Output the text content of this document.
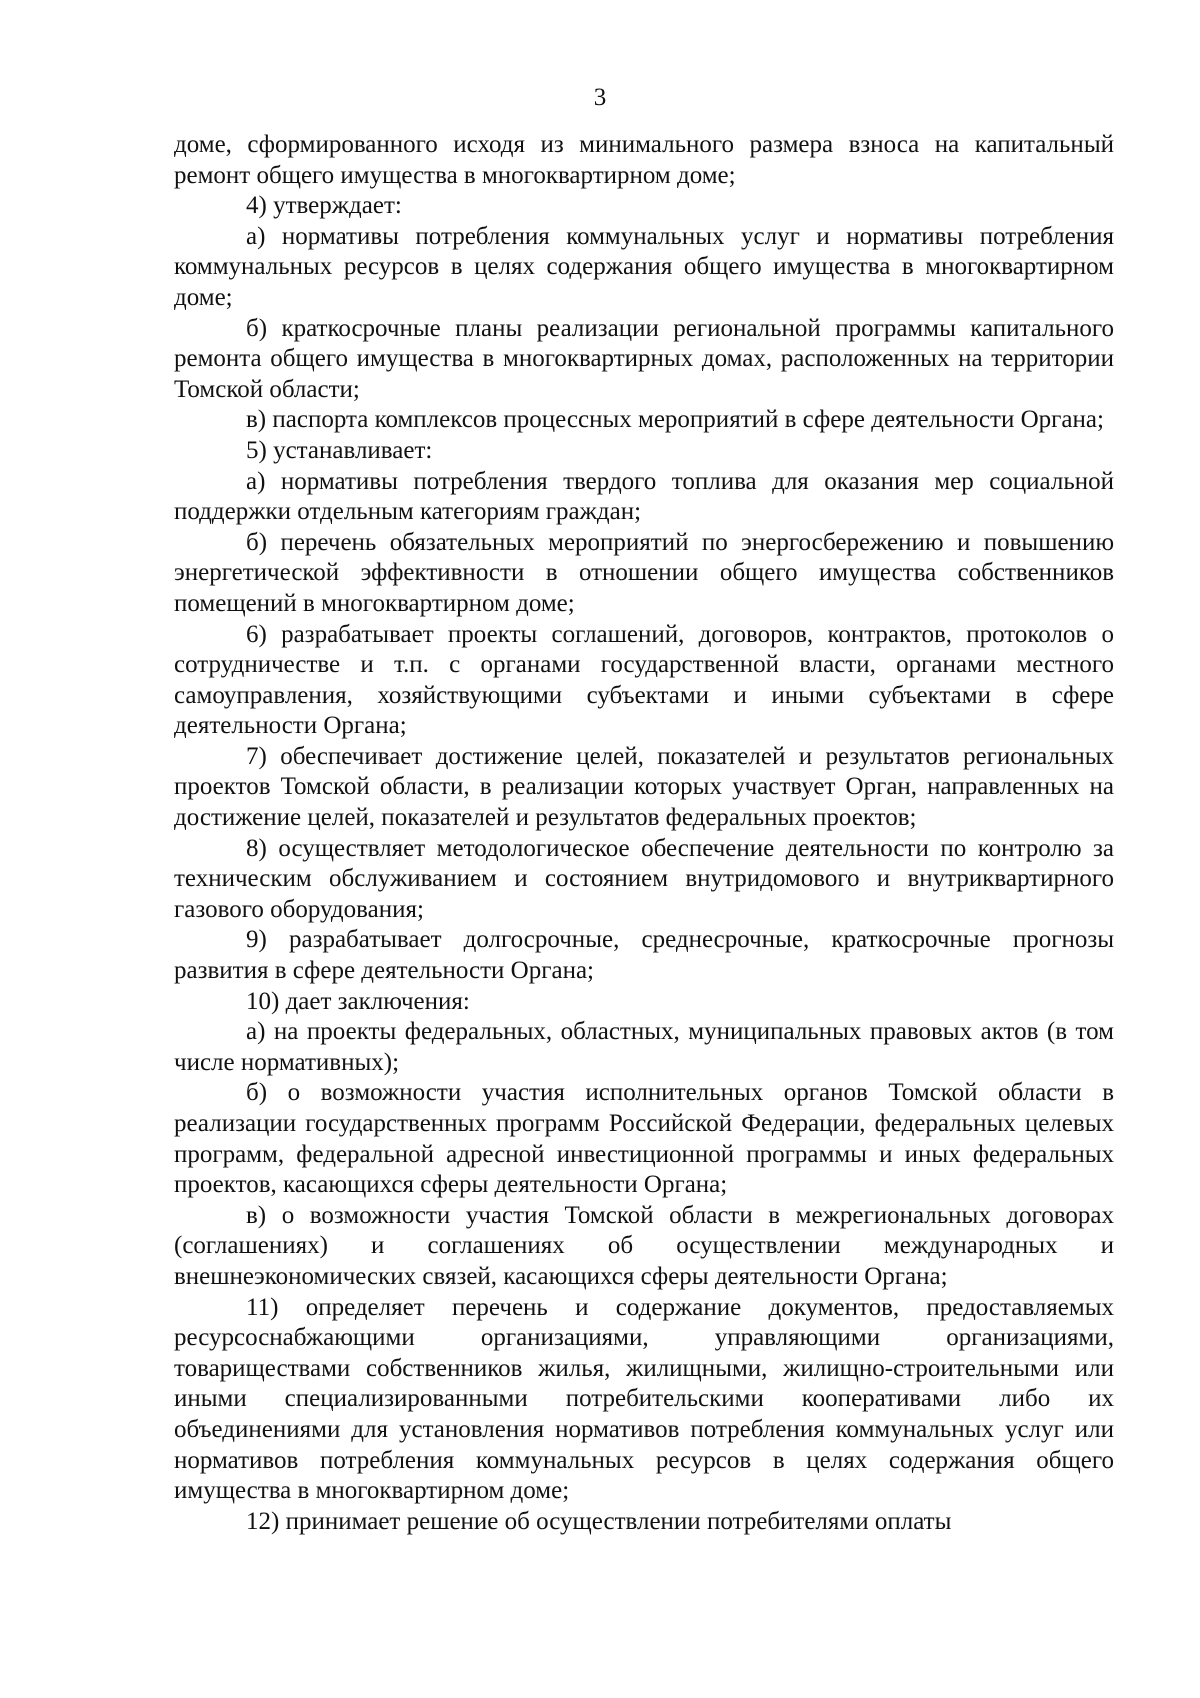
3

доме, сформированного исходя из минимального размера взноса на капитальный ремонт общего имущества в многоквартирном доме;

4) утверждает:

а) нормативы потребления коммунальных услуг и нормативы потребления коммунальных ресурсов в целях содержания общего имущества в многоквартирном доме;

б) краткосрочные планы реализации региональной программы капитального ремонта общего имущества в многоквартирных домах, расположенных на территории Томской области;

в) паспорта комплексов процессных мероприятий в сфере деятельности Органа;

5) устанавливает:

а) нормативы потребления твердого топлива для оказания мер социальной поддержки отдельным категориям граждан;

б) перечень обязательных мероприятий по энергосбережению и повышению энергетической эффективности в отношении общего имущества собственников помещений в многоквартирном доме;

6) разрабатывает проекты соглашений, договоров, контрактов, протоколов о сотрудничестве и т.п. с органами государственной власти, органами местного самоуправления, хозяйствующими субъектами и иными субъектами в сфере деятельности Органа;

7) обеспечивает достижение целей, показателей и результатов региональных проектов Томской области, в реализации которых участвует Орган, направленных на достижение целей, показателей и результатов федеральных проектов;

8) осуществляет методологическое обеспечение деятельности по контролю за техническим обслуживанием и состоянием внутридомового и внутриквартирного газового оборудования;

9) разрабатывает долгосрочные, среднесрочные, краткосрочные прогнозы развития в сфере деятельности Органа;

10) дает заключения:

а) на проекты федеральных, областных, муниципальных правовых актов (в том числе нормативных);

б) о возможности участия исполнительных органов Томской области в реализации государственных программ Российской Федерации, федеральных целевых программ, федеральной адресной инвестиционной программы и иных федеральных проектов, касающихся сферы деятельности Органа;

в) о возможности участия Томской области в межрегиональных договорах (соглашениях) и соглашениях об осуществлении международных и внешнеэкономических связей, касающихся сферы деятельности Органа;

11) определяет перечень и содержание документов, предоставляемых ресурсоснабжающими организациями, управляющими организациями, товариществами собственников жилья, жилищными, жилищно-строительными или иными специализированными потребительскими кооперативами либо их объединениями для установления нормативов потребления коммунальных услуг или нормативов потребления коммунальных ресурсов в целях содержания общего имущества в многоквартирном доме;

12) принимает решение об осуществлении потребителями оплаты
